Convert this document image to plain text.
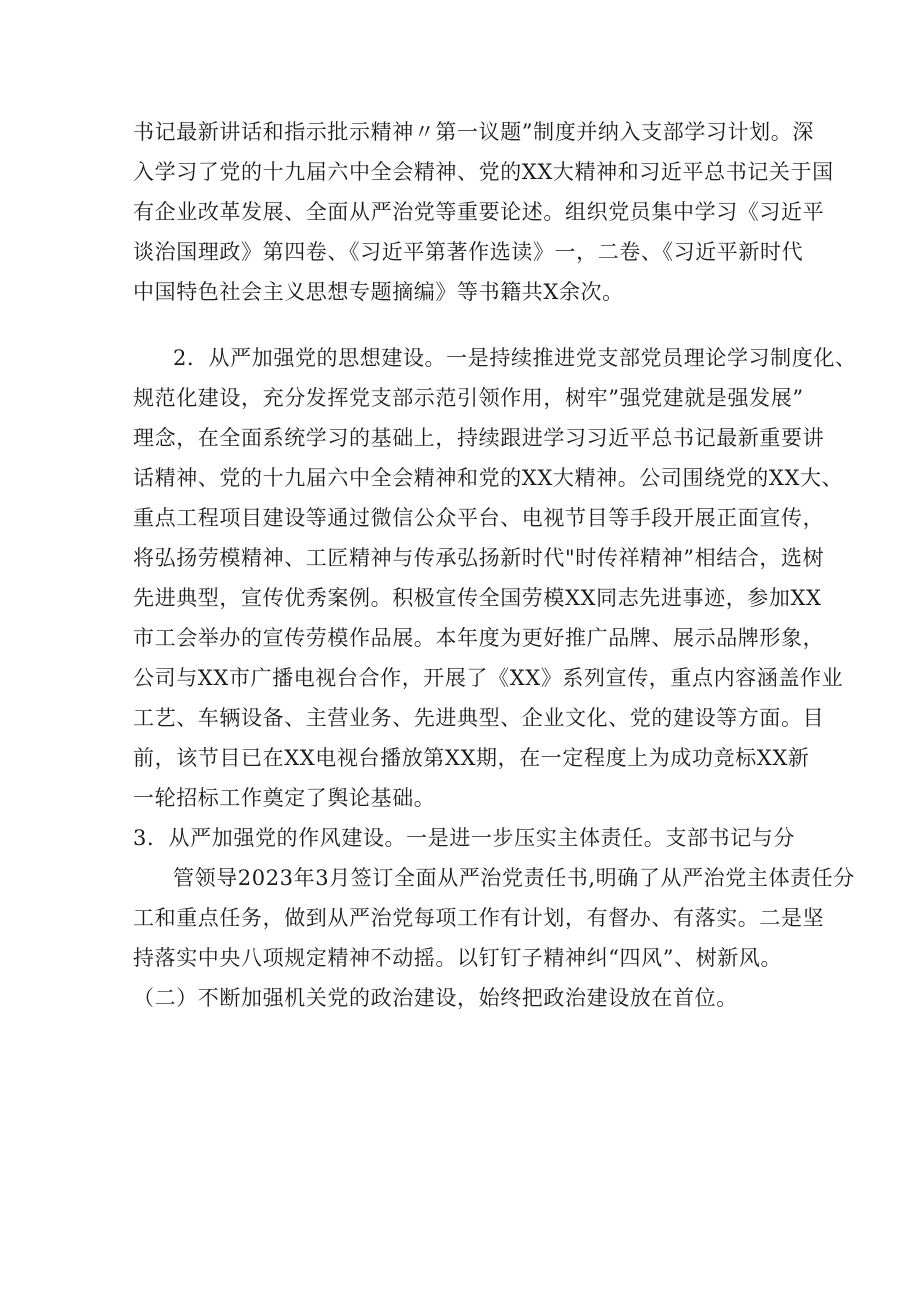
书记最新讲话和指示批示精神〃第一议题”制度并纳入支部学习计划。深
入学习了党的十九届六中全会精神、党的XX大精神和习近平总书记关于国
有企业改革发展、全面从严治党等重要论述。组织党员集中学习《习近平
谈治国理政》第四卷、《习近平第著作选读》一，二卷、《习近平新时代
中国特色社会主义思想专题摘编》等书籍共X余次。
2．从严加强党的思想建设。一是持续推进党支部党员理论学习制度化、
规范化建设，充分发挥党支部示范引领作用，树牢”强党建就是强发展”
理念，在全面系统学习的基础上，持续跟进学习习近平总书记最新重要讲
话精神、党的十九届六中全会精神和党的XX大精神。公司围绕党的XX大、
重点工程项目建设等通过微信公众平台、电视节目等手段开展正面宣传，
将弘扬劳模精神、工匠精神与传承弘扬新时代"时传祥精神”相结合，选树
先进典型，宣传优秀案例。积极宣传全国劳模XX同志先进事迹，参加XX
市工会举办的宣传劳模作品展。本年度为更好推广品牌、展示品牌形象，
公司与XX市广播电视台合作，开展了《XX》系列宣传，重点内容涵盖作业
工艺、车辆设备、主营业务、先进典型、企业文化、党的建设等方面。目
前，该节目已在XX电视台播放第XX期，在一定程度上为成功竞标XX新
一轮招标工作奠定了舆论基础。
3．从严加强党的作风建设。一是进一步压实主体责任。支部书记与分
管领导2023年3月签订全面从严治党责任书,明确了从严治党主体责任分
工和重点任务，做到从严治党每项工作有计划，有督办、有落实。二是坚
持落实中央八项规定精神不动摇。以钉钉子精神纠“四风”、树新风。
（二）不断加强机关党的政治建设，始终把政治建设放在首位。
